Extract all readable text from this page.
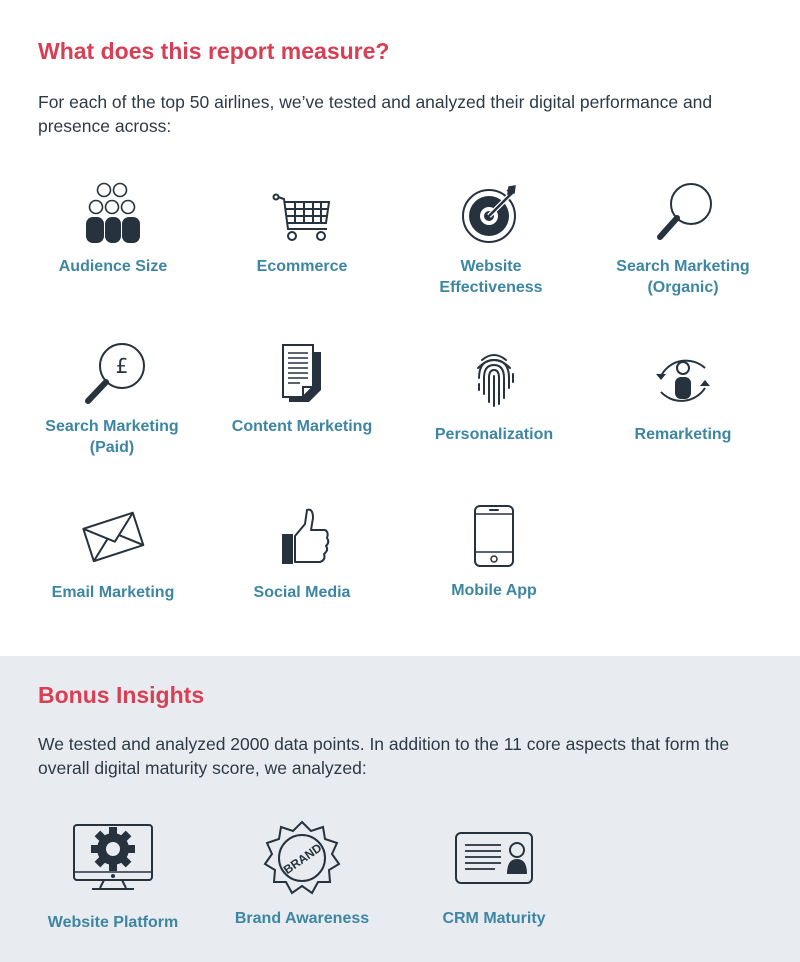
What does this report measure?

For each of the top 50 airlines, we’ve tested and analyzed their digital performance and presence across:

Audience Size	Ecommerce	Website
Effectiveness
Search Marketing
(Organic)
£
Search Marketing
(Paid)
Content Marketing	Personalization	Remarketing
Email Marketing	Social Media	Mobile App
Bonus Insights

We tested and analyzed 2000 data points. In addition to the 11 core aspects that form the overall digital maturity score, we analyzed:

Website Platform
BRAND
Brand Awareness	CRM Maturity
